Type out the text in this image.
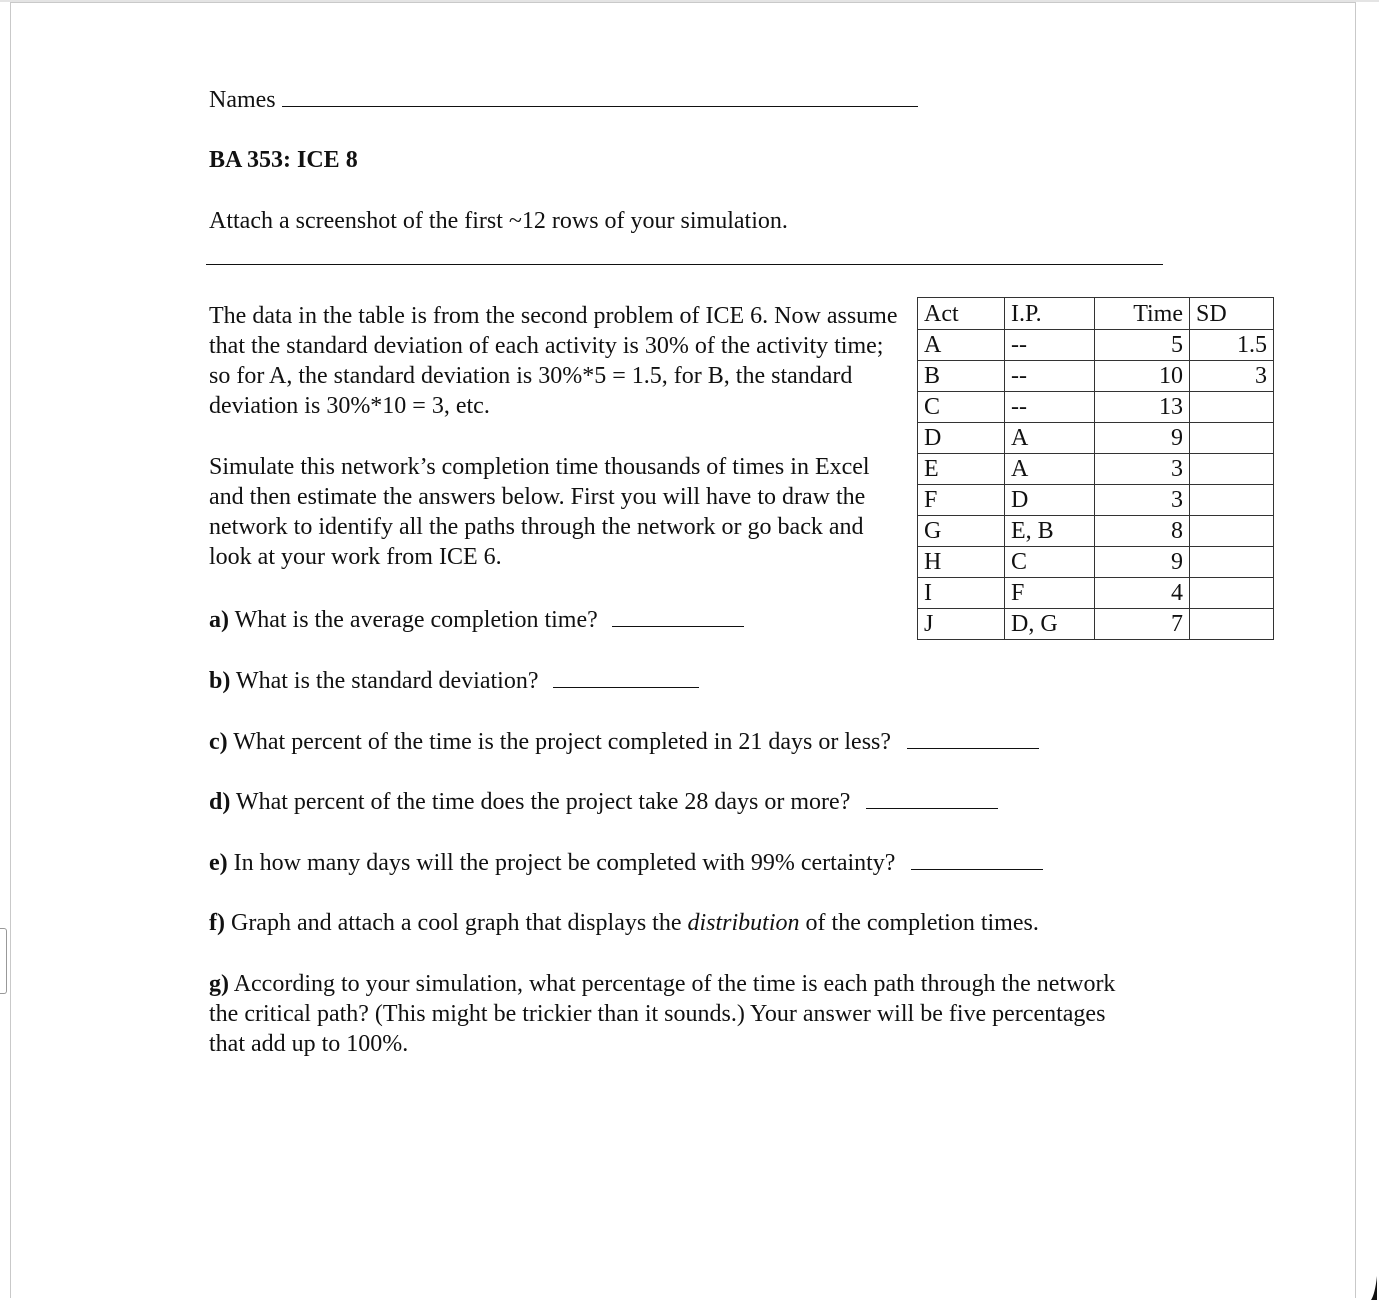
Names
BA 353: ICE 8
Attach a screenshot of the first ~12 rows of your simulation.
The data in the table is from the second problem of ICE 6. Now assume that the standard deviation of each activity is 30% of the activity time; so for A, the standard deviation is 30%*5 = 1.5, for B, the standard deviation is 30%*10 = 3, etc.
Simulate this network’s completion time thousands of times in Excel and then estimate the answers below. First you will have to draw the network to identify all the paths through the network or go back and look at your work from ICE 6.
a) What is the average completion time?
b) What is the standard deviation?
c) What percent of the time is the project completed in 21 days or less?
d) What percent of the time does the project take 28 days or more?
e) In how many days will the project be completed with 99% certainty?
f) Graph and attach a cool graph that displays the distribution of the completion times.
g) According to your simulation, what percentage of the time is each path through the network the critical path? (This might be trickier than it sounds.) Your answer will be five percentages that add up to 100%.
Act	I.P.	Time	SD
A	--	5	1.5
B	--	10	3
C	--	13	
D	A	9	
E	A	3	
F	D	3	
G	E, B	8	
H	C	9	
I	F	4	
J	D, G	7	
